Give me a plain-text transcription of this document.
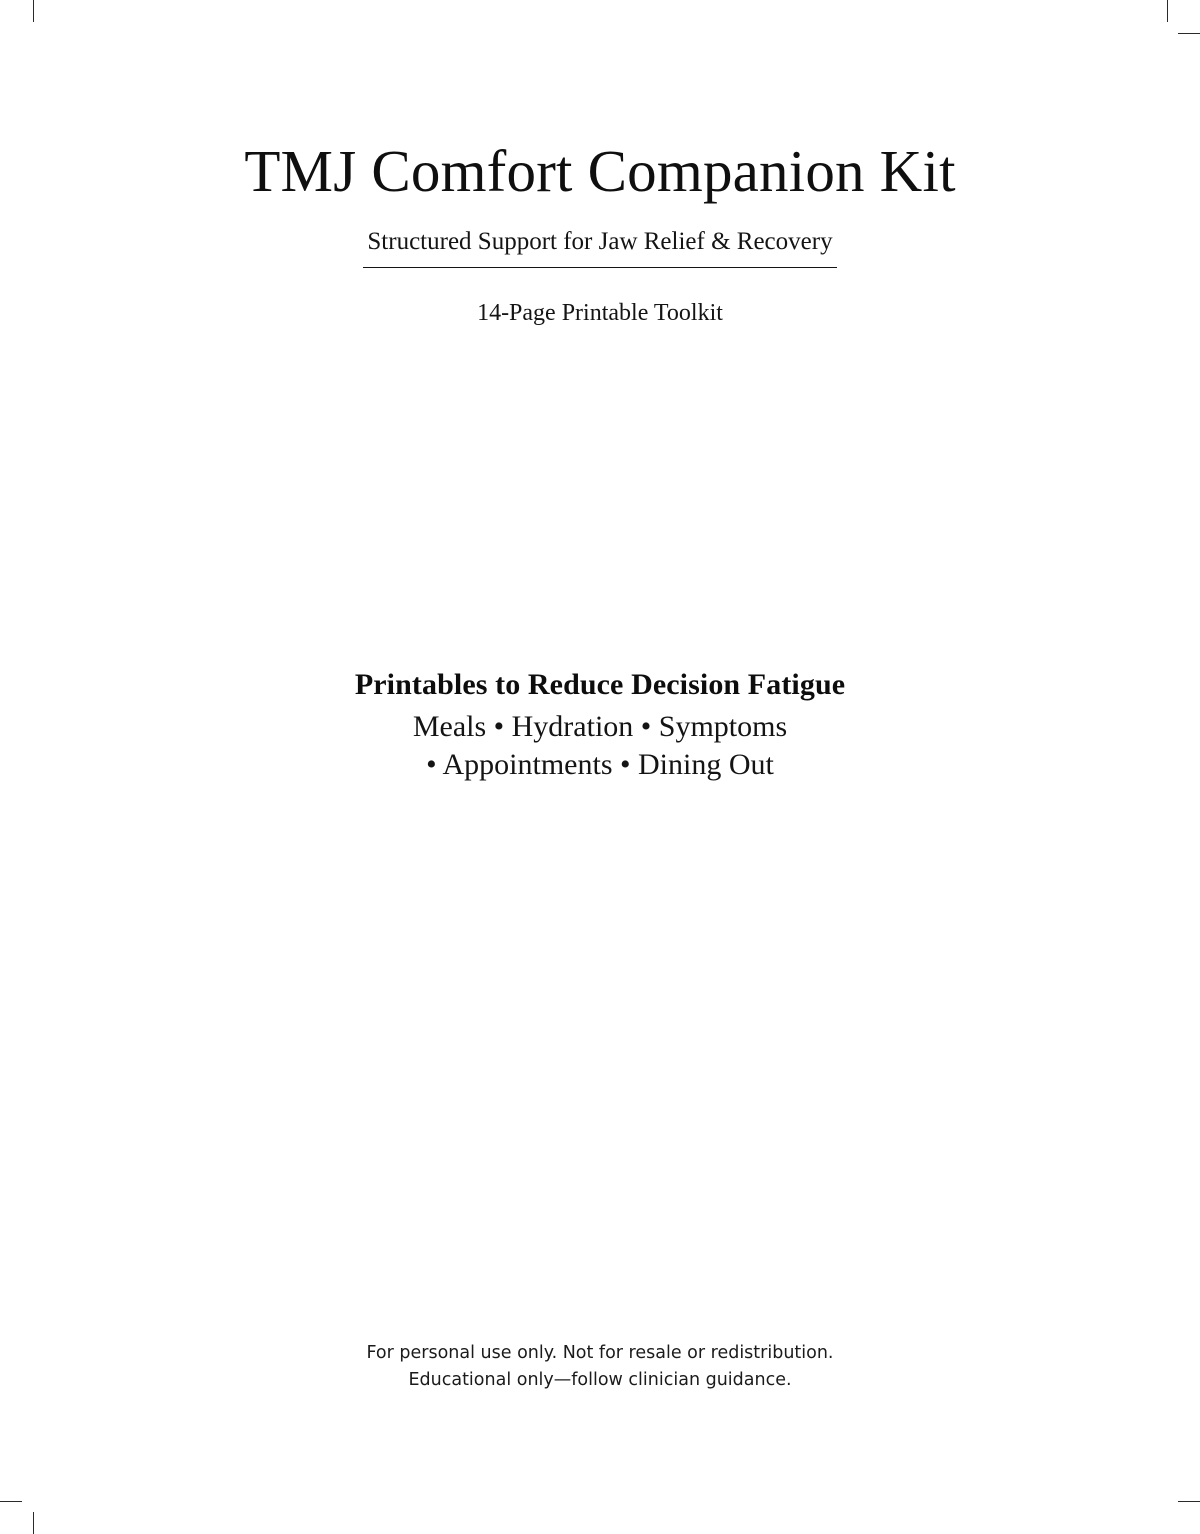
TMJ Comfort Companion Kit
Structured Support for Jaw Relief & Recovery
14-Page Printable Toolkit
Printables to Reduce Decision Fatigue
Meals • Hydration • Symptoms
• Appointments • Dining Out
For personal use only. Not for resale or redistribution.
Educational only—follow clinician guidance.
